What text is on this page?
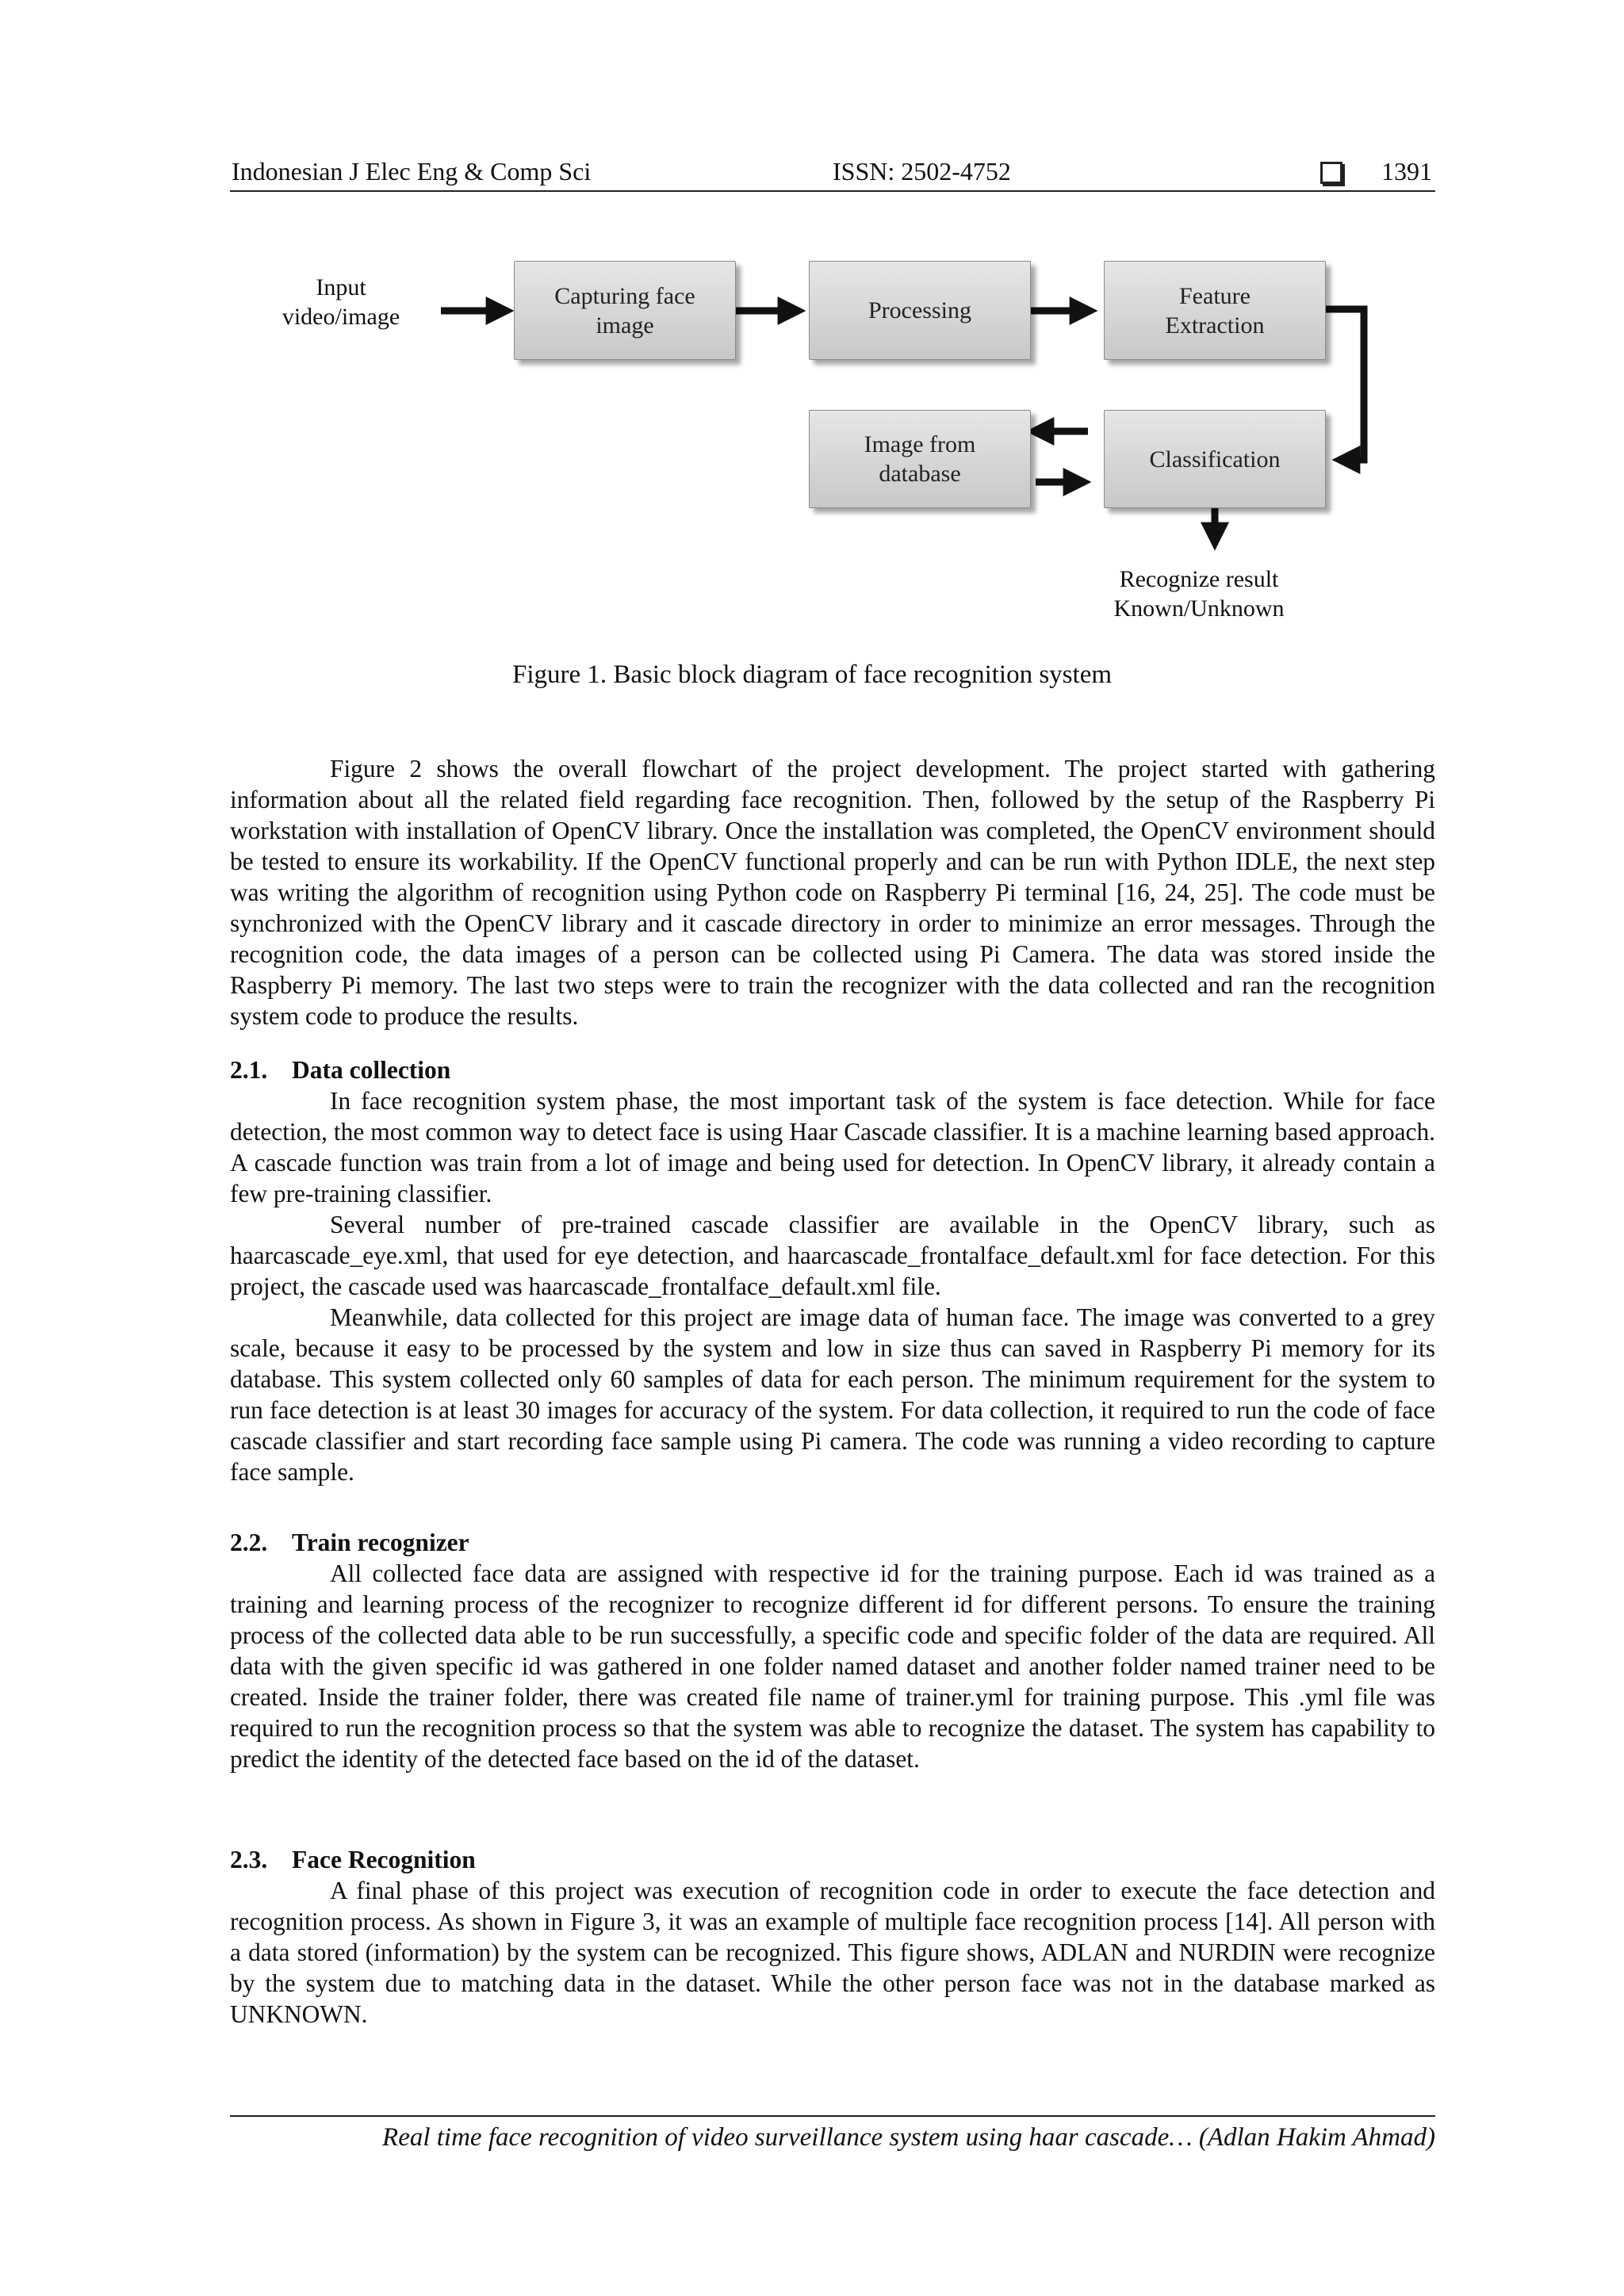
Indonesian J Elec Eng & Comp Sci	ISSN: 2502-4752	1391
Input
video/image
Capturing face
image
Processing
Feature
Extraction
Image from
database
Classification
Recognize result
Known/Unknown
Figure 1. Basic block diagram of face recognition system

Figure 2 shows the overall flowchart of the project development. The project started with gathering information about all the related field regarding face recognition. Then, followed by the setup of the Raspberry Pi workstation with installation of OpenCV library. Once the installation was completed, the OpenCV environment should be tested to ensure its workability. If the OpenCV functional properly and can be run with Python IDLE, the next step was writing the algorithm of recognition using Python code on Raspberry Pi terminal [16, 24, 25]. The code must be synchronized with the OpenCV library and it cascade directory in order to minimize an error messages. Through the recognition code, the data images of a person can be collected using Pi Camera. The data was stored inside the Raspberry Pi memory. The last two steps were to train the recognizer with the data collected and ran the recognition system code to produce the results.

2.1. Data collection

In face recognition system phase, the most important task of the system is face detection. While for face detection, the most common way to detect face is using Haar Cascade classifier. It is a machine learning based approach. A cascade function was train from a lot of image and being used for detection. In OpenCV library, it already contain a few pre-training classifier.

Several number of pre-trained cascade classifier are available in the OpenCV library, such as haarcascade_eye.xml, that used for eye detection, and haarcascade_frontalface_default.xml for face detection. For this project, the cascade used was haarcascade_frontalface_default.xml file.

Meanwhile, data collected for this project are image data of human face. The image was converted to a grey scale, because it easy to be processed by the system and low in size thus can saved in Raspberry Pi memory for its database. This system collected only 60 samples of data for each person. The minimum requirement for the system to run face detection is at least 30 images for accuracy of the system. For data collection, it required to run the code of face cascade classifier and start recording face sample using Pi camera. The code was running a video recording to capture face sample.

2.2. Train recognizer

All collected face data are assigned with respective id for the training purpose. Each id was trained as a training and learning process of the recognizer to recognize different id for different persons. To ensure the training process of the collected data able to be run successfully, a specific code and specific folder of the data are required. All data with the given specific id was gathered in one folder named dataset and another folder named trainer need to be created. Inside the trainer folder, there was created file name of trainer.yml for training purpose. This .yml file was required to run the recognition process so that the system was able to recognize the dataset. The system has capability to predict the identity of the detected face based on the id of the dataset.

2.3. Face Recognition

A final phase of this project was execution of recognition code in order to execute the face detection and recognition process. As shown in Figure 3, it was an example of multiple face recognition process [14]. All person with a data stored (information) by the system can be recognized. This figure shows, ADLAN and NURDIN were recognize by the system due to matching data in the dataset. While the other person face was not in the database marked as UNKNOWN.

Real time face recognition of video surveillance system using haar cascade… (Adlan Hakim Ahmad)
